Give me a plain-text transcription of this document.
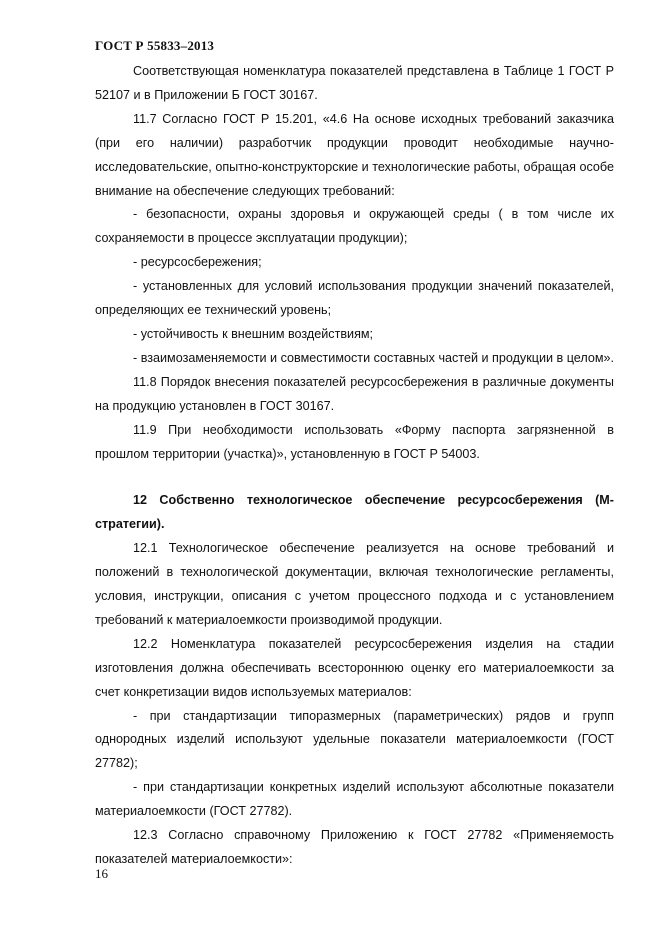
ГОСТ Р 55833–2013

Соответствующая номенклатура показателей представлена в Таблице 1 ГОСТ Р 52107 и в Приложении Б ГОСТ 30167.

11.7 Согласно ГОСТ Р 15.201, «4.6 На основе исходных требований заказчика (при его наличии) разработчик продукции проводит необходимые научно-исследовательские, опытно-конструкторские и технологические работы, обращая особе внимание на обеспечение следующих требований:

- безопасности, охраны здоровья и окружающей среды ( в том числе их сохраняемости в процессе эксплуатации продукции);

- ресурсосбережения;

- установленных для условий использования продукции значений показателей, определяющих ее технический уровень;

- устойчивость к внешним воздействиям;

- взаимозаменяемости и совместимости составных частей и продукции в целом».

11.8 Порядок внесения показателей ресурсосбережения в различные документы на продукцию установлен в ГОСТ 30167.

11.9 При необходимости использовать «Форму паспорта загрязненной в прошлом территории (участка)», установленную в ГОСТ Р 54003.

12 Собственно технологическое обеспечение ресурсосбережения (М-стратегии).

12.1 Технологическое обеспечение реализуется на основе требований и положений в технологической документации, включая технологические регламенты, условия, инструкции, описания с учетом процессного подхода и с установлением требований к материалоемкости производимой продукции.

12.2 Номенклатура показателей ресурсосбережения изделия на стадии изготовления должна обеспечивать всестороннюю оценку его материалоемкости за счет конкретизации видов используемых материалов:

- при стандартизации типоразмерных (параметрических) рядов и групп однородных изделий используют удельные показатели материалоемкости (ГОСТ 27782);

- при стандартизации конкретных изделий используют абсолютные показатели материалоемкости (ГОСТ 27782).

12.3 Согласно справочному Приложению к ГОСТ 27782 «Применяемость показателей материалоемкости»:

16
